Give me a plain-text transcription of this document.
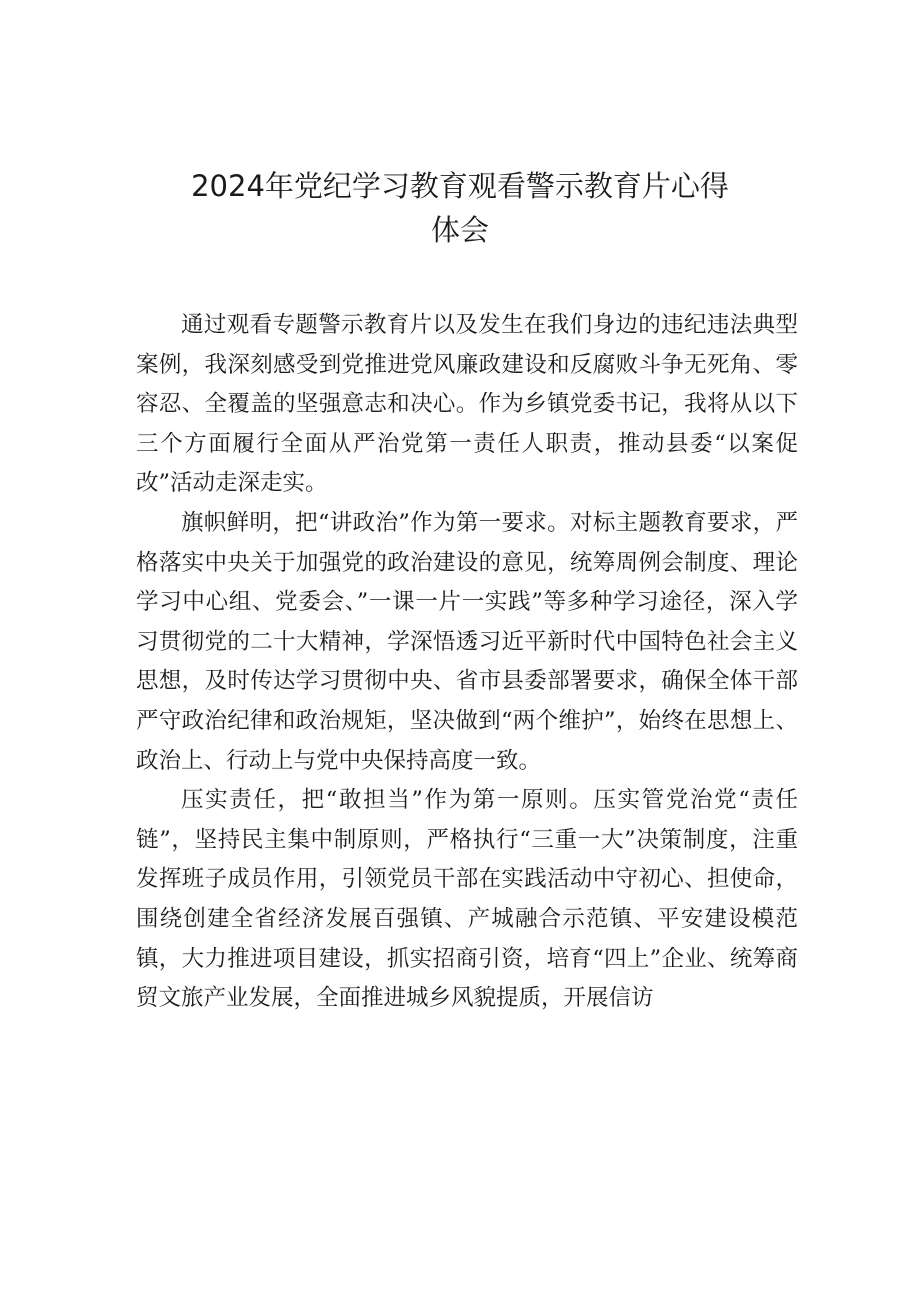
2024年党纪学习教育观看警示教育片心得
体会

通过观看专题警示教育片以及发生在我们身边的违纪违法典型案例，我深刻感受到党推进党风廉政建设和反腐败斗争无死角、零容忍、全覆盖的坚强意志和决心。作为乡镇党委书记，我将从以下三个方面履行全面从严治党第一责任人职责，推动县委“以案促改”活动走深走实。

旗帜鲜明，把“讲政治”作为第一要求。对标主题教育要求，严格落实中央关于加强党的政治建设的意见，统筹周例会制度、理论学习中心组、党委会、”一课一片一实践”等多种学习途径，深入学习贯彻党的二十大精神，学深悟透习近平新时代中国特色社会主义思想，及时传达学习贯彻中央、省市县委部署要求，确保全体干部严守政治纪律和政治规矩，坚决做到“两个维护”，始终在思想上、政治上、行动上与党中央保持高度一致。

压实责任，把“敢担当”作为第一原则。压实管党治党“责任链”，坚持民主集中制原则，严格执行“三重一大”决策制度，注重发挥班子成员作用，引领党员干部在实践活动中守初心、担使命，围绕创建全省经济发展百强镇、产城融合示范镇、平安建设模范镇，大力推进项目建设，抓实招商引资，培育“四上”企业、统筹商贸文旅产业发展，全面推进城乡风貌提质，开展信访
